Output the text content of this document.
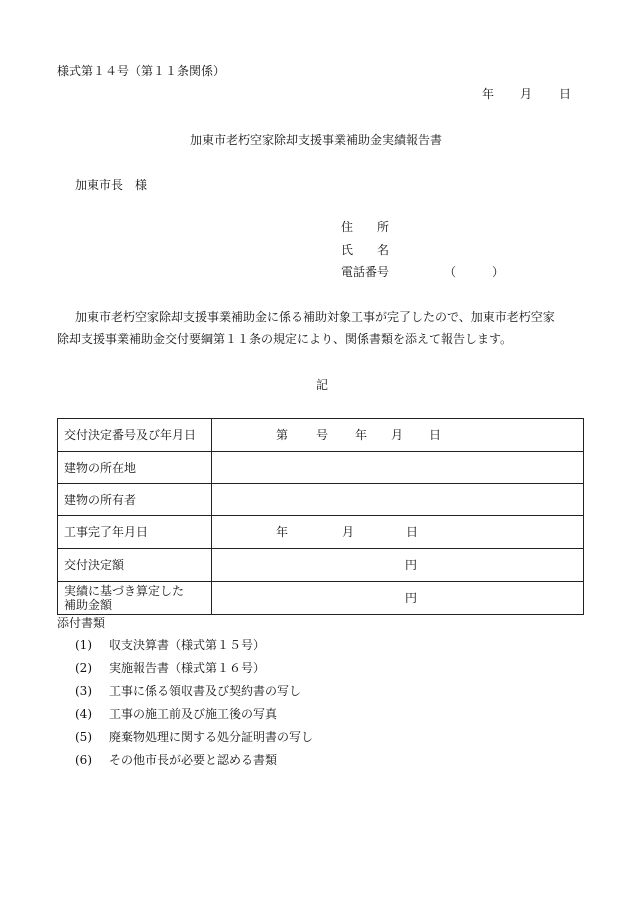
様式第１４号（第１１条関係）
年 月 日
加東市老朽空家除却支援事業補助金実績報告書
加東市長　様
住　　所
氏　　名
電話番号	（　　　）
加東市老朽空家除却支援事業補助金に係る補助対象工事が完了したので、加東市老朽空家
除却支援事業補助金交付要綱第１１条の規定により、関係書類を添えて報告します。
記
交付決定番号及び年月日	第 号 年 月 日

建物の所在地	
建物の所有者	
工事完了年月日	年 月 日

交付決定額	円

実績に基づき算定した
補助金額	円
添付書類
(1) 収支決算書（様式第１５号）
(2) 実施報告書（様式第１６号）
(3) 工事に係る領収書及び契約書の写し
(4) 工事の施工前及び施工後の写真
(5) 廃棄物処理に関する処分証明書の写し
(6) その他市長が必要と認める書類
